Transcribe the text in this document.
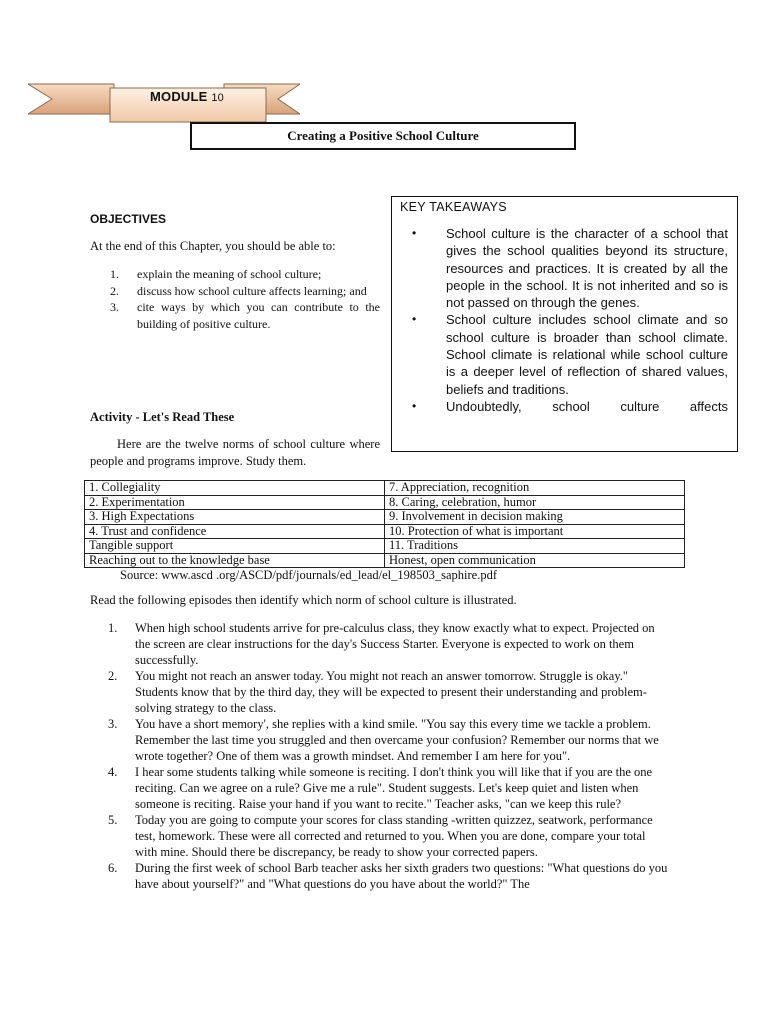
MODULE 10
Creating a Positive School Culture
OBJECTIVES
At the end of this Chapter, you should be able to:
1.	explain the meaning of school culture;
2.	discuss how school culture affects learning; and
3.	cite ways by which you can contribute to the building of positive culture.
KEY TAKEAWAYS
•	School culture is the character of a school that gives the school qualities beyond its structure, resources and practices. It is created by all the people in the school. It is not inherited and so is not passed on through the genes.
•	School culture includes school climate and so school culture is broader than school climate. School climate is relational while school culture is a deeper level of reflection of shared values, beliefs and traditions.
•	Undoubtedly, school culture affects
Activity - Let's Read These
Here are the twelve norms of school culture where people and programs improve. Study them.
1. Collegiality	7. Appreciation, recognition
2. Experimentation	8. Caring, celebration, humor
3. High Expectations	9. Involvement in decision making
4. Trust and confidence	10. Protection of what is important
Tangible support	11. Traditions
Reaching out to the knowledge base	Honest, open communication
Source: www.ascd .org/ASCD/pdf/journals/ed_lead/el_198503_saphire.pdf
Read the following episodes then identify which norm of school culture is illustrated.
1.	When high school students arrive for pre-calculus class, they know exactly what to expect. Projected on the screen are clear instructions for the day's Success Starter. Everyone is expected to work on them successfully.
2.	You might not reach an answer today. You might not reach an answer tomorrow. Struggle is okay." Students know that by the third day, they will be expected to present their understanding and problem-solving strategy to the class.
3.	You have a short memory', she replies with a kind smile. "You say this every time we tackle a problem. Remember the last time you struggled and then overcame your confusion? Remember our norms that we wrote together? One of them was a growth mindset. And remember I am here for you".
4.	I hear some students talking while someone is reciting. I don't think you will like that if you are the one reciting. Can we agree on a rule? Give me a rule". Student suggests. Let's keep quiet and listen when someone is reciting. Raise your hand if you want to recite." Teacher asks, "can we keep this rule?
5.	Today you are going to compute your scores for class standing -written quizzez, seatwork, performance test, homework. These were all corrected and returned to you. When you are done, compare your total with mine. Should there be discrepancy, be ready to show your corrected papers.
6.	During the first week of school Barb teacher asks her sixth graders two questions: "What questions do you have about yourself?" and "What questions do you have about the world?" The
